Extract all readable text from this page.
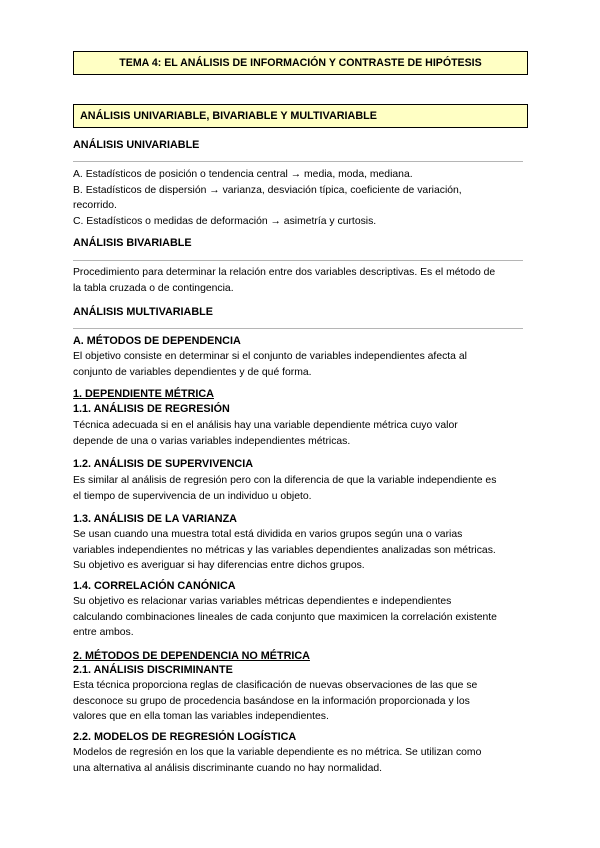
TEMA 4: EL ANÁLISIS DE INFORMACIÓN Y CONTRASTE DE HIPÓTESIS
ANÁLISIS UNIVARIABLE, BIVARIABLE Y MULTIVARIABLE
ANÁLISIS UNIVARIABLE
A. Estadísticos de posición o tendencia central → media, moda, mediana.
B. Estadísticos de dispersión → varianza, desviación típica, coeficiente de variación,
recorrido.
C. Estadísticos o medidas de deformación → asimetría y curtosis.
ANÁLISIS BIVARIABLE
Procedimiento para determinar la relación entre dos variables descriptivas. Es el método de
la tabla cruzada o de contingencia.
ANÁLISIS MULTIVARIABLE
A. MÉTODOS DE DEPENDENCIA
El objetivo consiste en determinar si el conjunto de variables independientes afecta al
conjunto de variables dependientes y de qué forma.
1. DEPENDIENTE MÉTRICA
1.1. ANÁLISIS DE REGRESIÓN
Técnica adecuada si en el análisis hay una variable dependiente métrica cuyo valor
depende de una o varias variables independientes métricas.
1.2. ANÁLISIS DE SUPERVIVENCIA
Es similar al análisis de regresión pero con la diferencia de que la variable independiente es
el tiempo de supervivencia de un individuo u objeto.
1.3. ANÁLISIS DE LA VARIANZA
Se usan cuando una muestra total está dividida en varios grupos según una o varias
variables independientes no métricas y las variables dependientes analizadas son métricas.
Su objetivo es averiguar si hay diferencias entre dichos grupos.
1.4. CORRELACIÓN CANÓNICA
Su objetivo es relacionar varias variables métricas dependientes e independientes
calculando combinaciones lineales de cada conjunto que maximicen la correlación existente
entre ambos.
2. MÉTODOS DE DEPENDENCIA NO MÉTRICA
2.1. ANÁLISIS DISCRIMINANTE
Esta técnica proporciona reglas de clasificación de nuevas observaciones de las que se
desconoce su grupo de procedencia basándose en la información proporcionada y los
valores que en ella toman las variables independientes.
2.2. MODELOS DE REGRESIÓN LOGÍSTICA
Modelos de regresión en los que la variable dependiente es no métrica. Se utilizan como
una alternativa al análisis discriminante cuando no hay normalidad.
